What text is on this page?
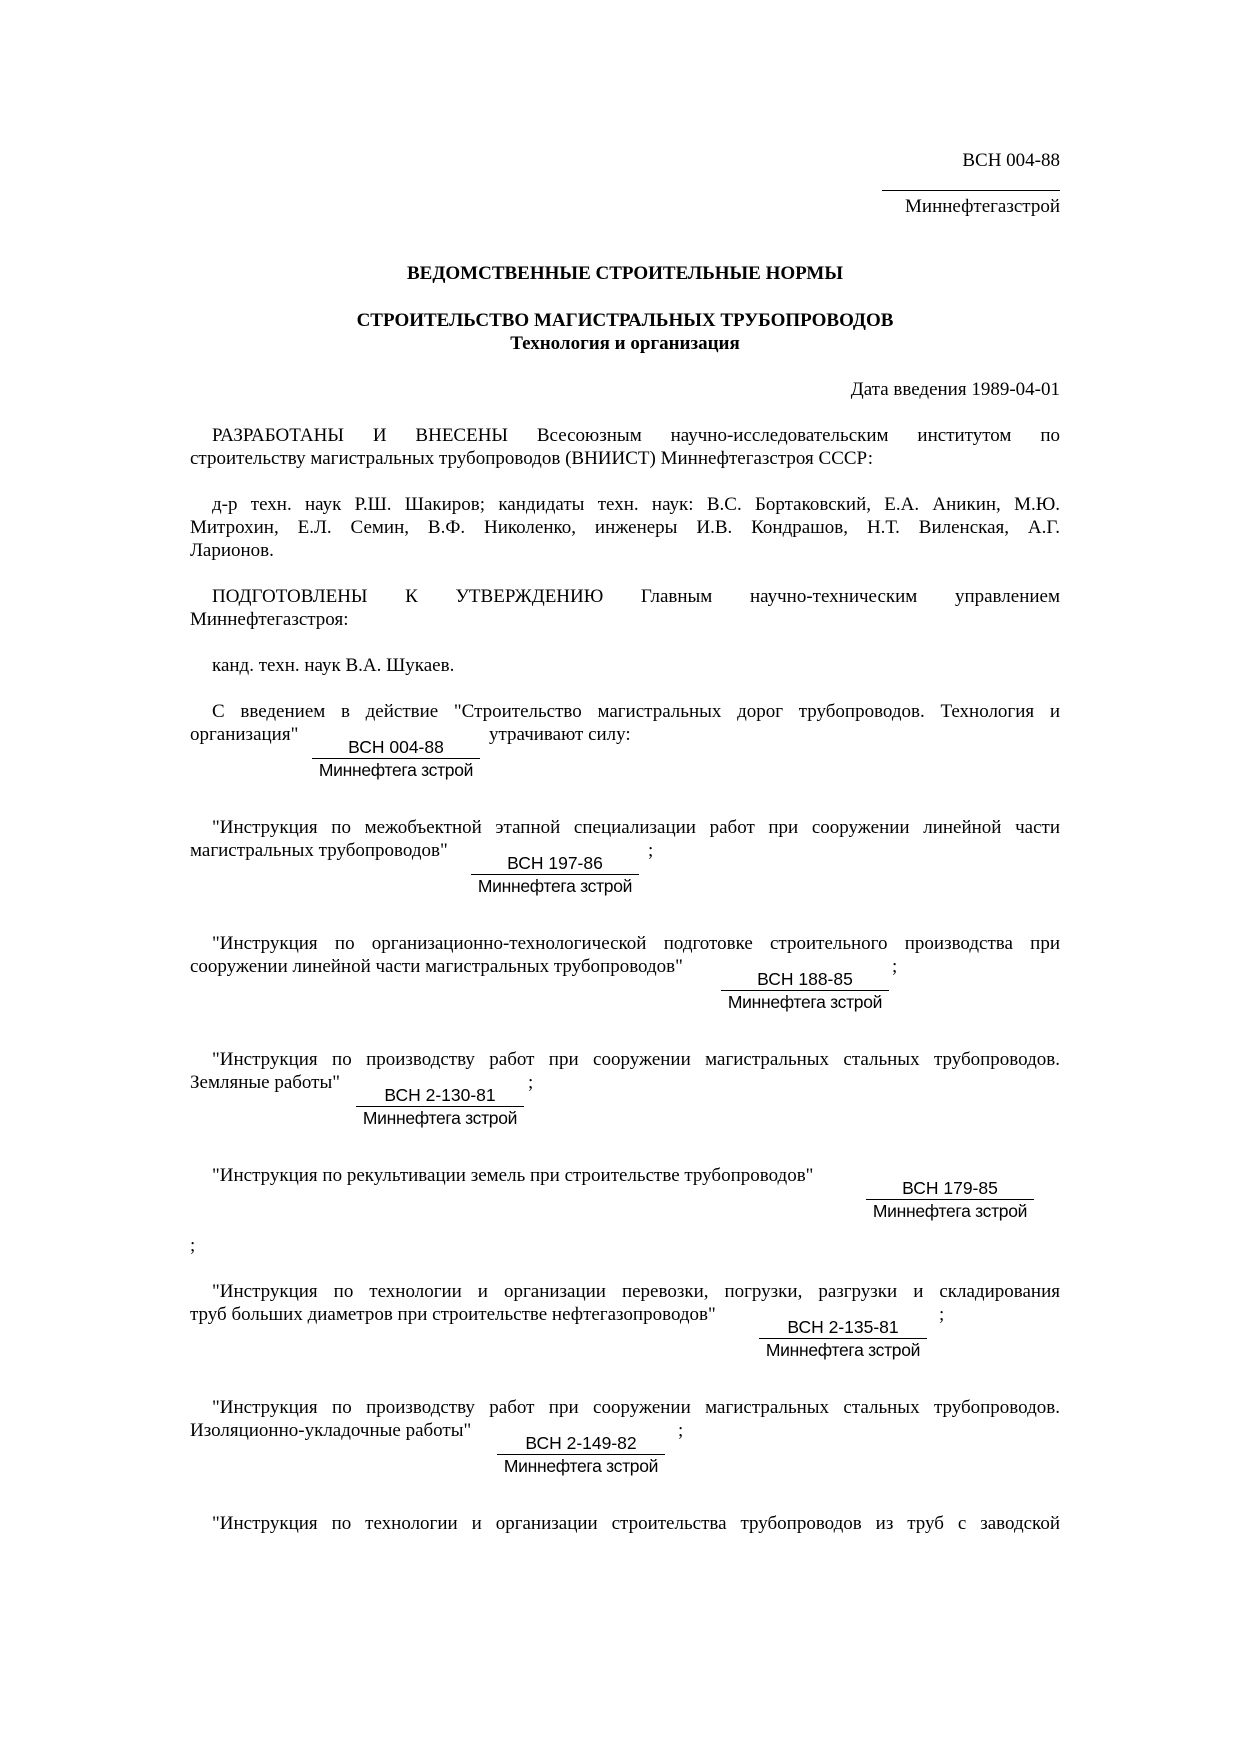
ВСН 004-88
Миннефтегазстрой
ВЕДОМСТВЕННЫЕ СТРОИТЕЛЬНЫЕ НОРМЫ
СТРОИТЕЛЬСТВО МАГИСТРАЛЬНЫХ ТРУБОПРОВОДОВ
Технология и организация
Дата введения 1989-04-01
РАЗРАБОТАНЫ И ВНЕСЕНЫ Всесоюзным научно-исследовательским институтом по
строительству магистральных трубопроводов (ВНИИСТ) Миннефтегазстроя СССР:
д-р техн. наук Р.Ш. Шакиров; кандидаты техн. наук: В.С. Бортаковский, Е.А. Аникин, М.Ю.
Митрохин, Е.Л. Семин, В.Ф. Николенко, инженеры И.В. Кондрашов, Н.Т. Виленская, А.Г.
Ларионов.
ПОДГОТОВЛЕНЫ К УТВЕРЖДЕНИЮ Главным научно-техническим управлением
Миннефтегазстроя:
канд. техн. наук В.А. Шукаев.
С введением в действие "Строительство магистральных дорог трубопроводов. Технология и
организация"	утрачивают силу:
ВСН 004-88
Миннефтега зстрой
"Инструкция по межобъектной этапной специализации работ при сооружении линейной части
магистральных трубопроводов"	;
ВСН 197-86
Миннефтега зстрой
"Инструкция по организационно-технологической подготовке строительного производства при
сооружении линейной части магистральных трубопроводов"	;
ВСН 188-85
Миннефтега зстрой
"Инструкция по производству работ при сооружении магистральных стальных трубопроводов.
Земляные работы"	;
ВСН 2-130-81
Миннефтега зстрой
"Инструкция по рекультивации земель при строительстве трубопроводов"
ВСН 179-85
Миннефтега зстрой
;
"Инструкция по технологии и организации перевозки, погрузки, разгрузки и складирования
труб больших диаметров при строительстве нефтегазопроводов"	;
ВСН 2-135-81
Миннефтега зстрой
"Инструкция по производству работ при сооружении магистральных стальных трубопроводов.
Изоляционно-укладочные работы"	;
ВСН 2-149-82
Миннефтега зстрой
"Инструкция по технологии и организации строительства трубопроводов из труб с заводской
